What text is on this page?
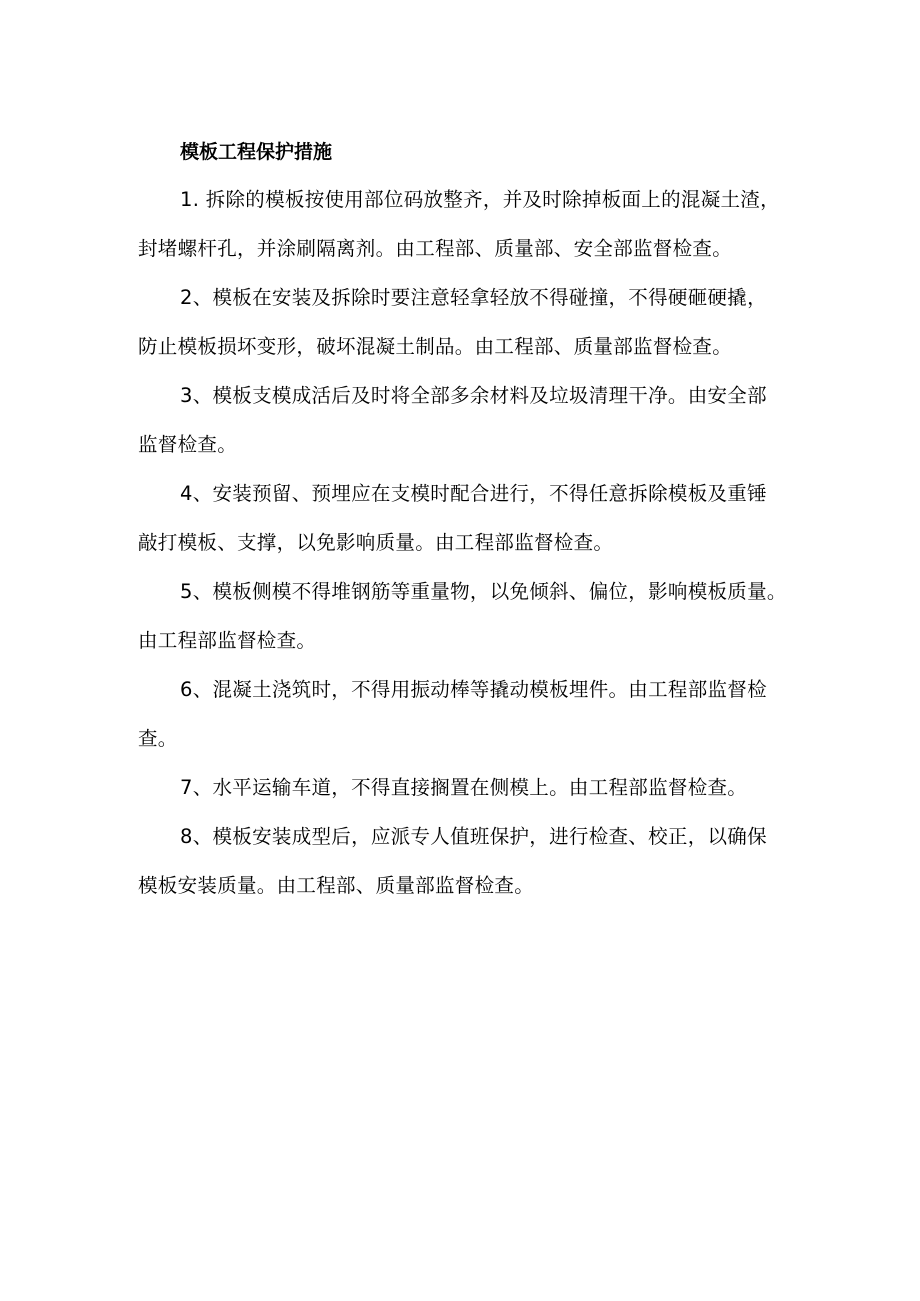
模板工程保护措施
1. 拆除的模板按使用部位码放整齐，并及时除掉板面上的混凝土渣，
封堵螺杆孔，并涂刷隔离剂。由工程部、质量部、安全部监督检查。
2、模板在安装及拆除时要注意轻拿轻放不得碰撞，不得硬砸硬撬，
防止模板损坏变形，破坏混凝土制品。由工程部、质量部监督检查。
3、模板支模成活后及时将全部多余材料及垃圾清理干净。由安全部
监督检查。
4、安装预留、预埋应在支模时配合进行，不得任意拆除模板及重锤
敲打模板、支撑，以免影响质量。由工程部监督检查。
5、模板侧模不得堆钢筋等重量物，以免倾斜、偏位，影响模板质量。
由工程部监督检查。
6、混凝土浇筑时，不得用振动棒等撬动模板埋件。由工程部监督检
查。
7、水平运输车道，不得直接搁置在侧模上。由工程部监督检查。
8、模板安装成型后，应派专人值班保护，进行检查、校正，以确保
模板安装质量。由工程部、质量部监督检查。
